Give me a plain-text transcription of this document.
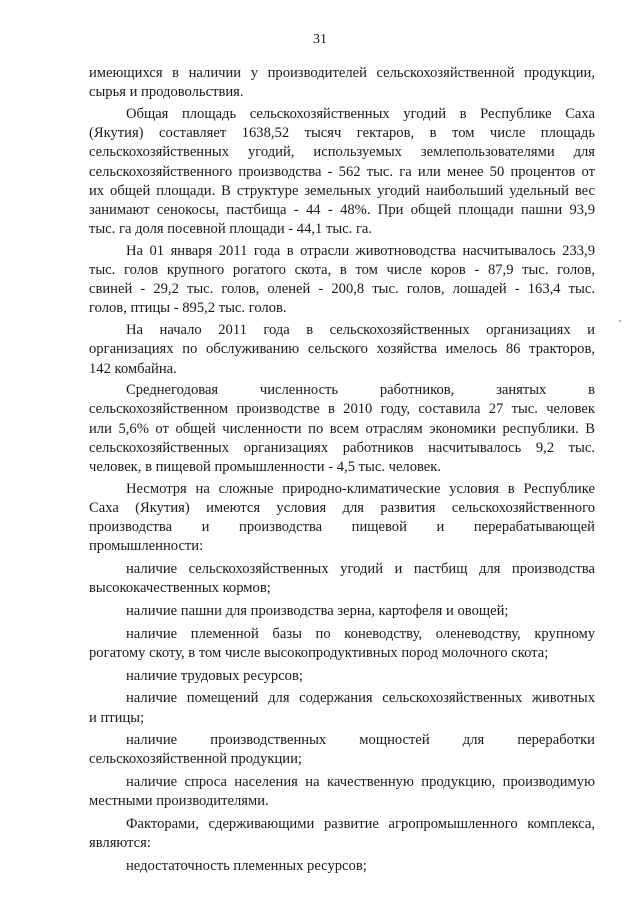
31

имеющихся в наличии у производителей сельскохозяйственной продукции,
сырья и продовольствия.

Общая площадь сельскохозяйственных угодий в Республике Саха
(Якутия) составляет 1638,52 тысяч гектаров, в том числе площадь
сельскохозяйственных угодий, используемых землепользователями для
сельскохозяйственного производства - 562 тыс. га или менее 50 процентов от
их общей площади. В структуре земельных угодий наибольший удельный вес
занимают сенокосы, пастбища - 44 - 48%. При общей площади пашни 93,9
тыс. га доля посевной площади - 44,1 тыс. га.

На 01 января 2011 года в отрасли животноводства насчитывалось 233,9
тыс. голов крупного рогатого скота, в том числе коров - 87,9 тыс. голов,
свиней - 29,2 тыс. голов, оленей - 200,8 тыс. голов, лошадей - 163,4 тыс.
голов, птицы - 895,2 тыс. голов.

На начало 2011 года в сельскохозяйственных организациях и
организациях по обслуживанию сельского хозяйства имелось 86 тракторов,
142 комбайна.

Среднегодовая численность работников, занятых в
сельскохозяйственном производстве в 2010 году, составила 27 тыс. человек
или 5,6% от общей численности по всем отраслям экономики республики. В
сельскохозяйственных организациях работников насчитывалось 9,2 тыс.
человек, в пищевой промышленности - 4,5 тыс. человек.

Несмотря на сложные природно-климатические условия в Республике
Саха (Якутия) имеются условия для развития сельскохозяйственного
производства и производства пищевой и перерабатывающей
промышленности:

наличие сельскохозяйственных угодий и пастбищ для производства
высококачественных кормов;

наличие пашни для производства зерна, картофеля и овощей;

наличие племенной базы по коневодству, оленеводству, крупному
рогатому скоту, в том числе высокопродуктивных пород молочного скота;

наличие трудовых ресурсов;

наличие помещений для содержания сельскохозяйственных животных
и птицы;

наличие производственных мощностей для переработки
сельскохозяйственной продукции;

наличие спроса населения на качественную продукцию, производимую
местными производителями.

Факторами, сдерживающими развитие агропромышленного комплекса,
являются:

недостаточность племенных ресурсов;
